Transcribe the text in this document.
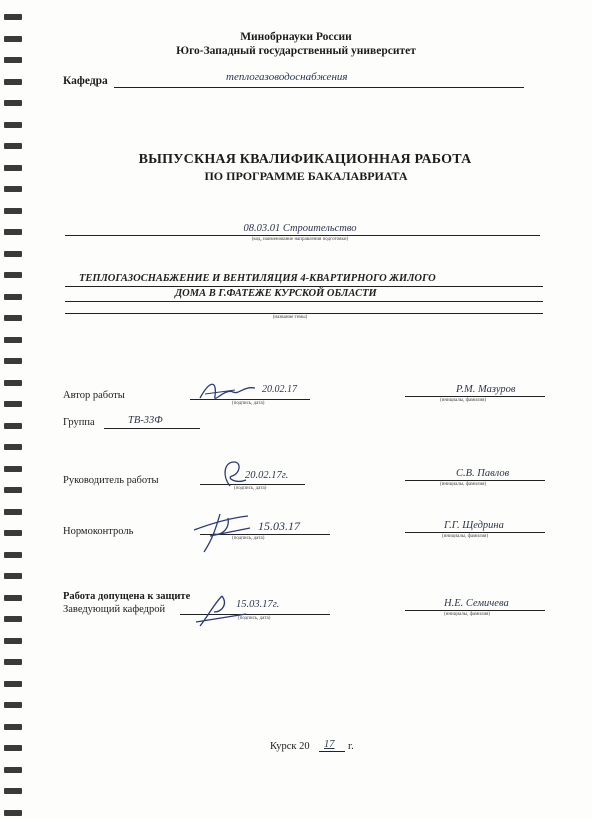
Минобрнауки России
Юго-Западный государственный университет
Кафедра	теплогазоводоснабжения
ВЫПУСКНАЯ КВАЛИФИКАЦИОННАЯ РАБОТА
ПО ПРОГРАММЕ БАКАЛАВРИАТА
08.03.01 Строительство
(код, наименование направления подготовки)
ТЕПЛОГАЗОСНАБЖЕНИЕ И ВЕНТИЛЯЦИЯ 4-КВАРТИРНОГО ЖИЛОГО
ДОМА В Г.ФАТЕЖЕ КУРСКОЙ ОБЛАСТИ
(название темы)
Автор работы
20.02.17
(подпись, дата)
Р.М. Мазуров
(инициалы, фамилия)
Группа	ТВ-33Ф
Руководитель работы	20.02.17г.
(подпись, дата)
С.В. Павлов
(инициалы, фамилия)
Нормоконтроль	15.03.17
(подпись, дата)
Г.Г. Щедрина
(инициалы, фамилия)
Работа допущена к защите
Заведующий кафедрой	15.03.17г.
(подпись, дата)
Н.Е. Семичева
(инициалы, фамилия)
Курск 20 17 г.
